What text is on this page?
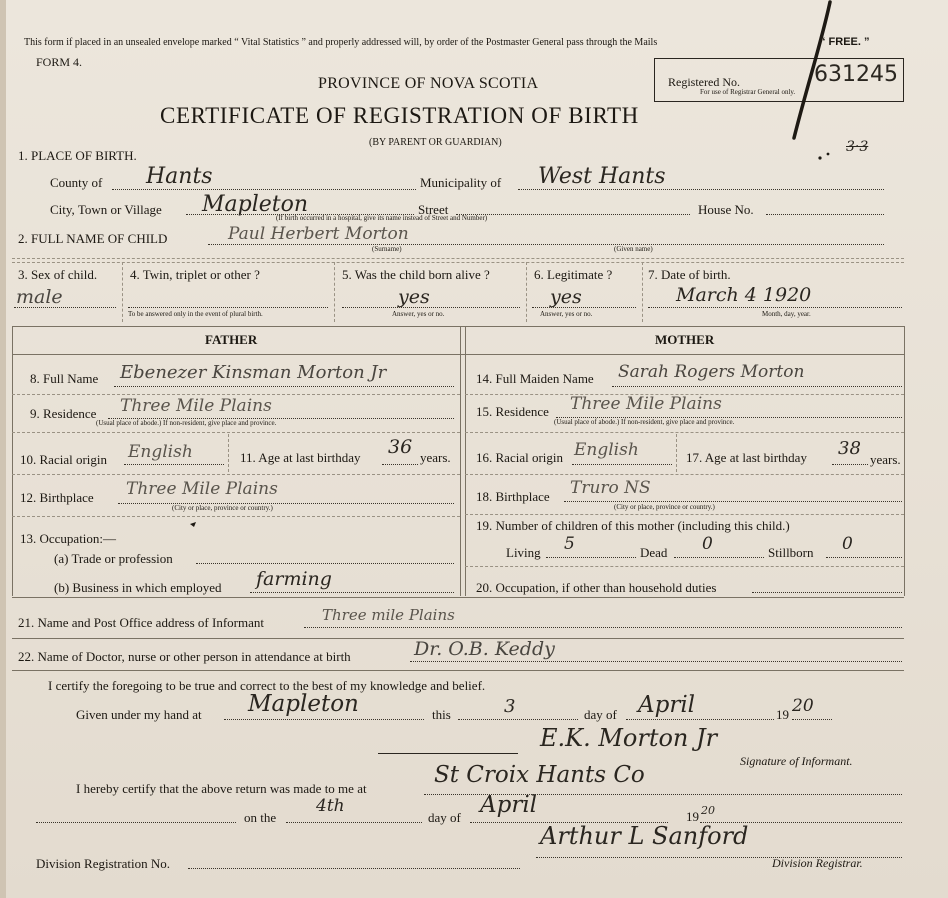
This form if placed in an unsealed envelope marked “ Vital Statistics ” and properly addressed will, by order of the Postmaster General pass through the Mails	“ FREE. ”
FORM 4.
PROVINCE OF NOVA SCOTIA
CERTIFICATE OF REGISTRATION OF BIRTH
(BY PARENT OR GUARDIAN)
Registered No.
For use of Registrar General only.
631245
3·3
1. PLACE OF BIRTH.
County of Hants	Municipality of West Hants
City, Town or Village Mapleton	Street	House No.
(If birth occurred in a hospital, give its name instead of Street and Number)
2. FULL NAME OF CHILD	Paul Herbert Morton
(Surname)	(Given name)
3. Sex of child.
male
4. Twin, triplet or other ?
To be answered only in the event of plural birth.
5. Was the child born alive ?
yes
Answer, yes or no.
6. Legitimate ?
yes
Answer, yes or no.
7. Date of birth.
March 4 1920
Month, day, year.
FATHER	MOTHER
8. Full Name Ebenezer Kinsman Morton Jr
9. Residence Three Mile Plains
(Usual place of abode.) If non-resident, give place and province.
10. Racial origin English	11. Age at last birthday 36 years.
12. Birthplace Three Mile Plains
(City or place, province or country.)
13. Occupation:—
(a) Trade or profession
(b) Business in which employed farming
14. Full Maiden Name Sarah Rogers Morton
15. Residence Three Mile Plains
(Usual place of abode.) If non-resident, give place and province.
16. Racial origin English	17. Age at last birthday 38
years.
18. Birthplace Truro NS
(City or place, province or country.)
19. Number of children of this mother (including this child.)
Living 5	Dead 0	Stillborn 0
20. Occupation, if other than household duties
21. Name and Post Office address of Informant	Three mile Plains
22. Name of Doctor, nurse or other person in attendance at birth	Dr. O.B. Keddy
I certify the foregoing to be true and correct to the best of my knowledge and belief.
Given under my hand at Mapleton	this	3	day of April	19 20
E.K. Morton Jr
Signature of Informant.
I hereby certify that the above return was made to me at
St Croix Hants Co
on the
4th
day of April	19 20
Division Registration No.
Arthur L Sanford
Division Registrar.
